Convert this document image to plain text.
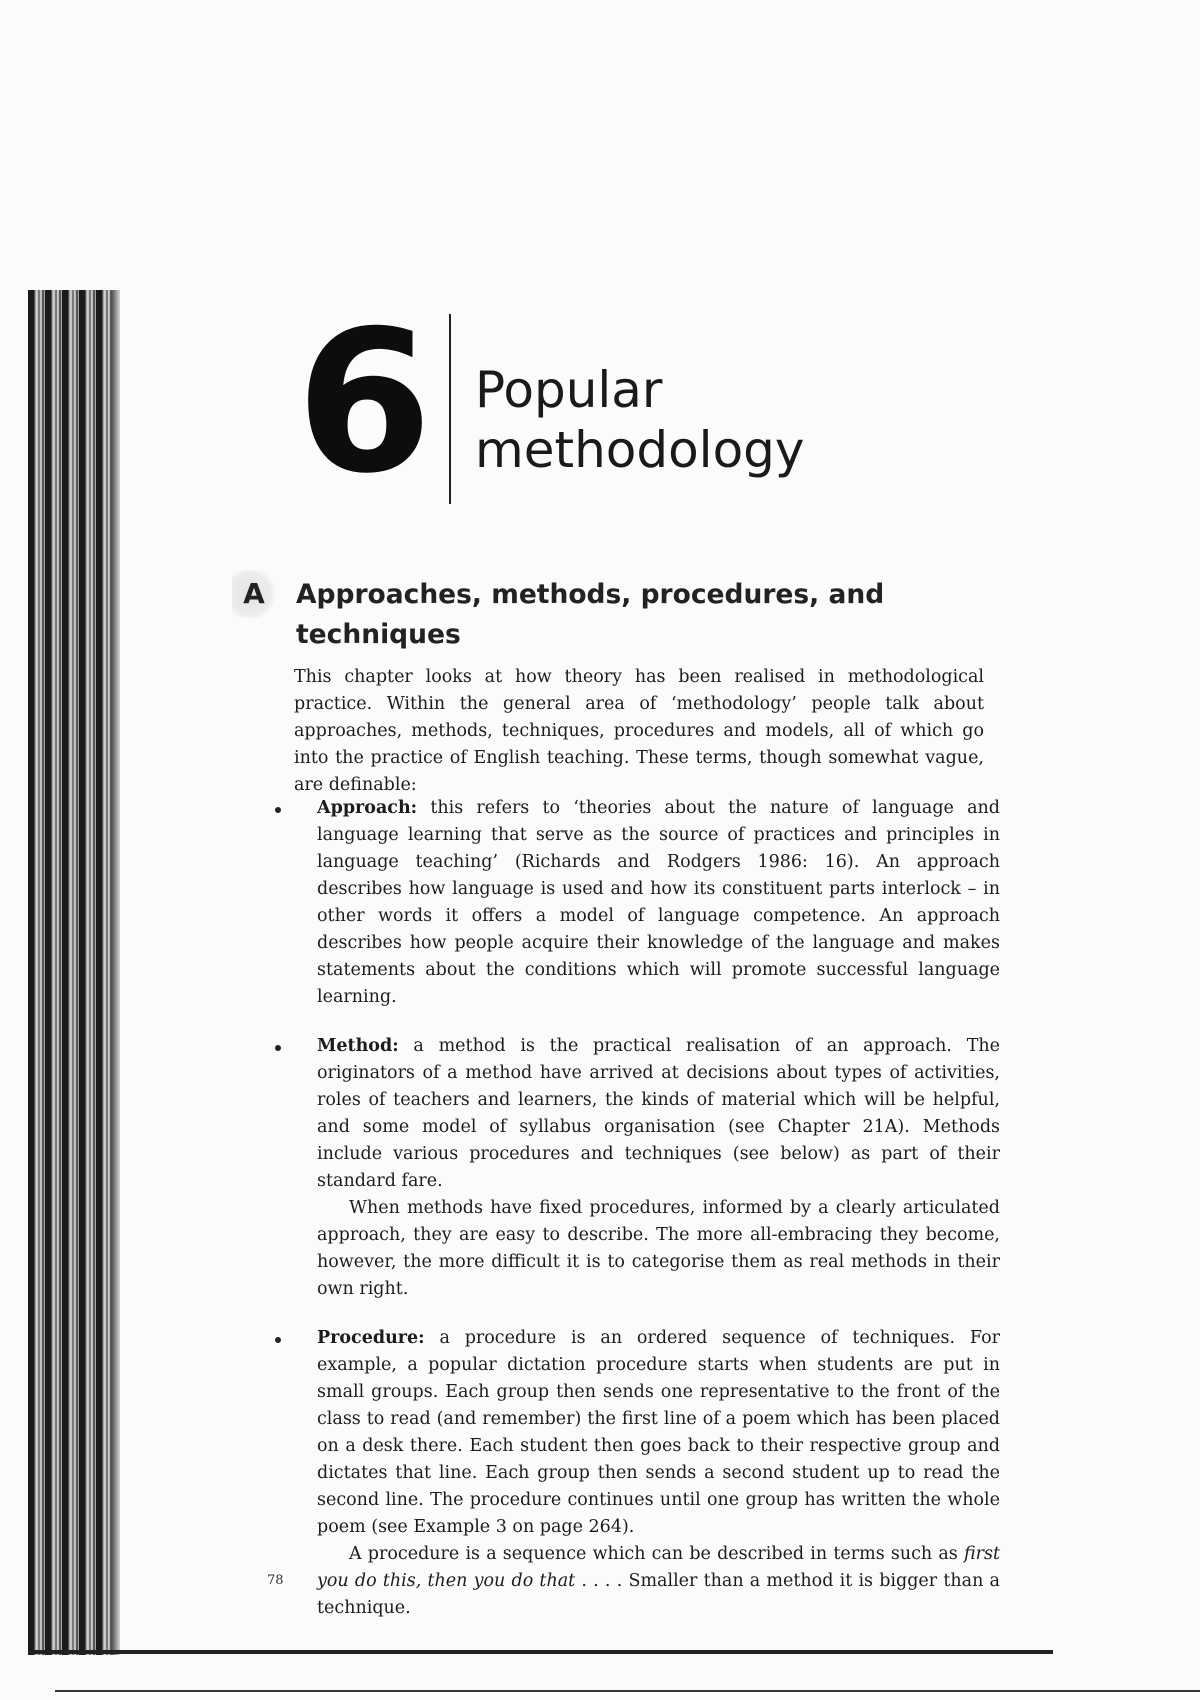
6 Popular
methodology
A	Approaches, methods, procedures, and techniques

This chapter looks at how theory has been realised in methodological practice. Within the general area of ‘methodology’ people talk about approaches, methods, techniques, procedures and models, all of which go into the practice of English teaching. These terms, though somewhat vague, are definable:

Approach: this refers to ‘theories about the nature of language and language learning that serve as the source of practices and principles in language teaching’ (Richards and Rodgers 1986: 16). An approach describes how language is used and how its constituent parts interlock – in other words it offers a model of language competence. An approach describes how people acquire their knowledge of the language and makes statements about the conditions which will promote successful language learning.

Method: a method is the practical realisation of an approach. The originators of a method have arrived at decisions about types of activities, roles of teachers and learners, the kinds of material which will be helpful, and some model of syllabus organisation (see Chapter 21A). Methods include various procedures and techniques (see below) as part of their standard fare.

When methods have fixed procedures, informed by a clearly articulated approach, they are easy to describe. The more all-embracing they become, however, the more difficult it is to categorise them as real methods in their own right.

Procedure: a procedure is an ordered sequence of techniques. For example, a popular dictation procedure starts when students are put in small groups. Each group then sends one representative to the front of the class to read (and remember) the first line of a poem which has been placed on a desk there. Each student then goes back to their respective group and dictates that line. Each group then sends a second student up to read the second line. The procedure continues until one group has written the whole poem (see Example 3 on page 264).

A procedure is a sequence which can be described in terms such as first you do this, then you do that . . . . Smaller than a method it is bigger than a technique.

78
